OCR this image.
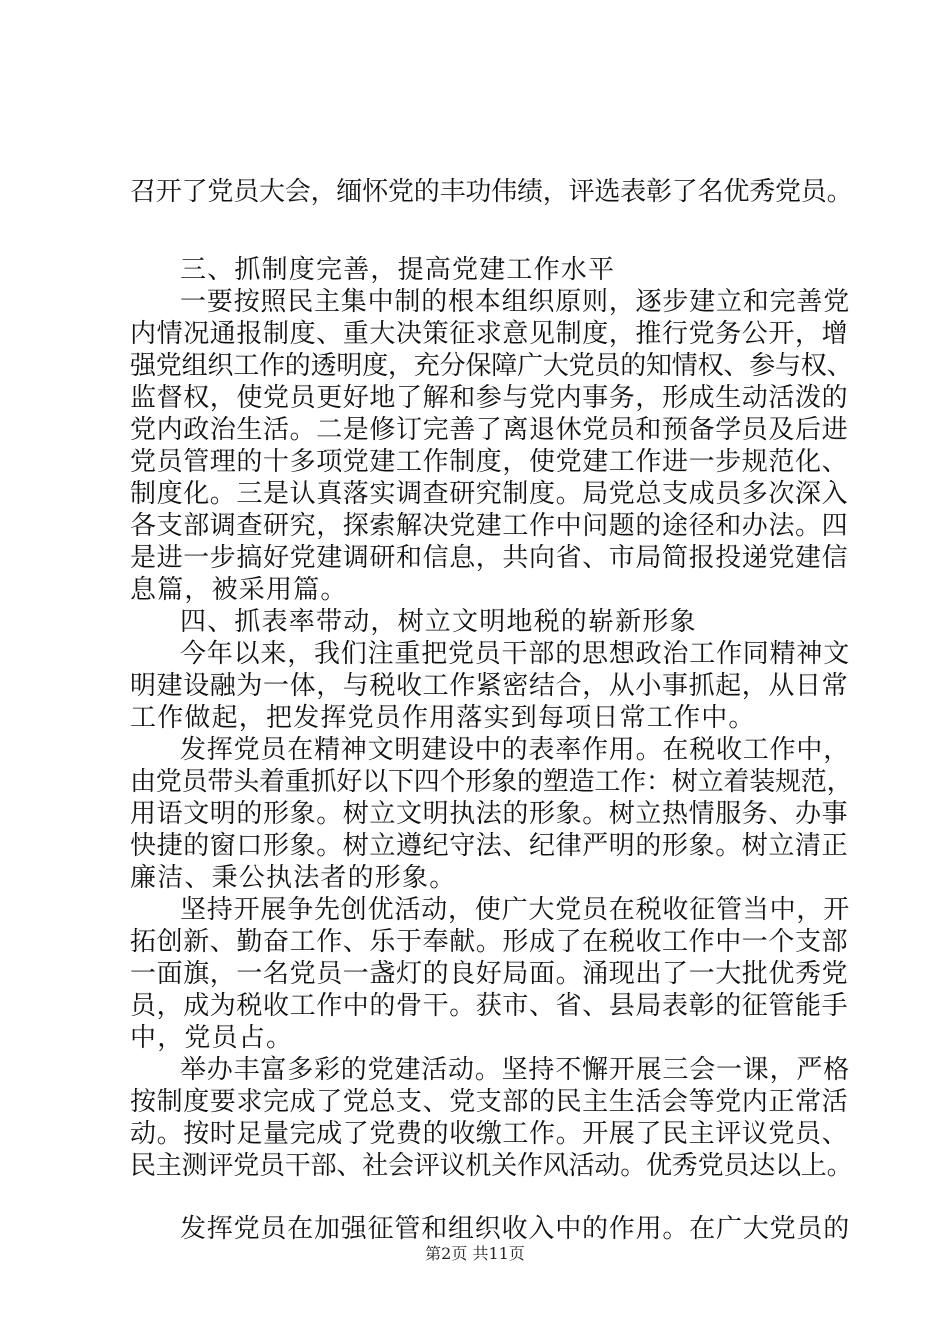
召开了党员大会，缅怀党的丰功伟绩，评选表彰了名优秀党员。
三、抓制度完善，提高党建工作水平
一要按照民主集中制的根本组织原则，逐步建立和完善党
内情况通报制度、重大决策征求意见制度，推行党务公开，增
强党组织工作的透明度，充分保障广大党员的知情权、参与权、
监督权，使党员更好地了解和参与党内事务，形成生动活泼的
党内政治生活。二是修订完善了离退休党员和预备学员及后进
党员管理的十多项党建工作制度，使党建工作进一步规范化、
制度化。三是认真落实调查研究制度。局党总支成员多次深入
各支部调查研究，探索解决党建工作中问题的途径和办法。四
是进一步搞好党建调研和信息，共向省、市局简报投递党建信
息篇，被采用篇。
四、抓表率带动，树立文明地税的崭新形象
今年以来，我们注重把党员干部的思想政治工作同精神文
明建设融为一体，与税收工作紧密结合，从小事抓起，从日常
工作做起，把发挥党员作用落实到每项日常工作中。
发挥党员在精神文明建设中的表率作用。在税收工作中，
由党员带头着重抓好以下四个形象的塑造工作：树立着装规范，
用语文明的形象。树立文明执法的形象。树立热情服务、办事
快捷的窗口形象。树立遵纪守法、纪律严明的形象。树立清正
廉洁、秉公执法者的形象。
坚持开展争先创优活动，使广大党员在税收征管当中，开
拓创新、勤奋工作、乐于奉献。形成了在税收工作中一个支部
一面旗，一名党员一盏灯的良好局面。涌现出了一大批优秀党
员，成为税收工作中的骨干。获市、省、县局表彰的征管能手
中，党员占。
举办丰富多彩的党建活动。坚持不懈开展三会一课，严格
按制度要求完成了党总支、党支部的民主生活会等党内正常活
动。按时足量完成了党费的收缴工作。开展了民主评议党员、
民主测评党员干部、社会评议机关作风活动。优秀党员达以上。
发挥党员在加强征管和组织收入中的作用。在广大党员的
第2页 共11页
